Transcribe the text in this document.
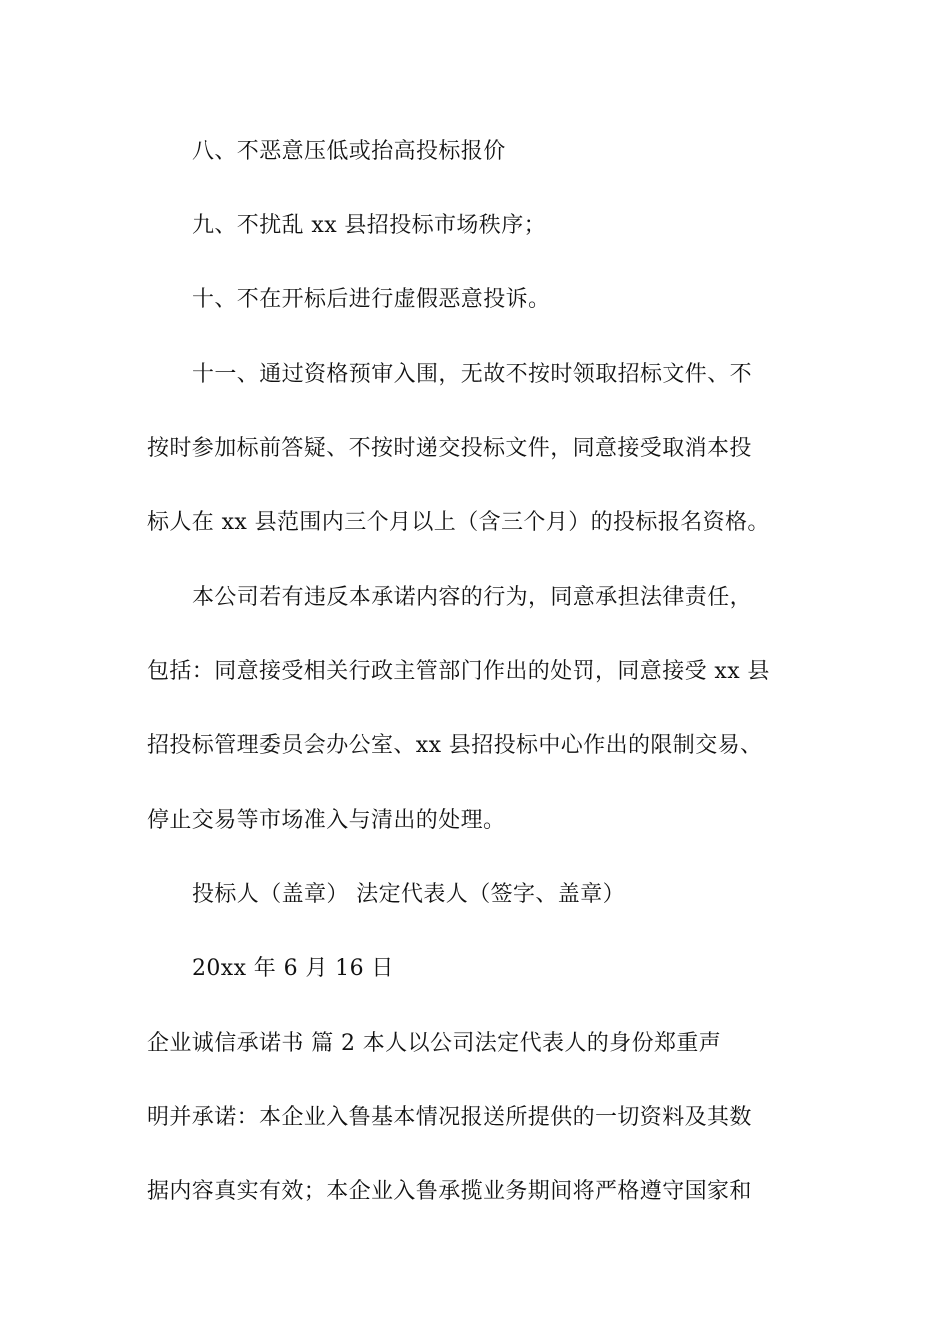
八、不恶意压低或抬高投标报价
九、不扰乱 xx 县招投标市场秩序；
十、不在开标后进行虚假恶意投诉。
十一、通过资格预审入围，无故不按时领取招标文件、不
按时参加标前答疑、不按时递交投标文件，同意接受取消本投
标人在 xx 县范围内三个月以上（含三个月）的投标报名资格。
本公司若有违反本承诺内容的行为，同意承担法律责任，
包括：同意接受相关行政主管部门作出的处罚，同意接受 xx 县
招投标管理委员会办公室、xx 县招投标中心作出的限制交易、
停止交易等市场准入与清出的处理。
投标人（盖章） 法定代表人（签字、盖章）
20xx 年 6 月 16 日
企业诚信承诺书 篇 2 本人以公司法定代表人的身份郑重声
明并承诺：本企业入鲁基本情况报送所提供的一切资料及其数
据内容真实有效；本企业入鲁承揽业务期间将严格遵守国家和
